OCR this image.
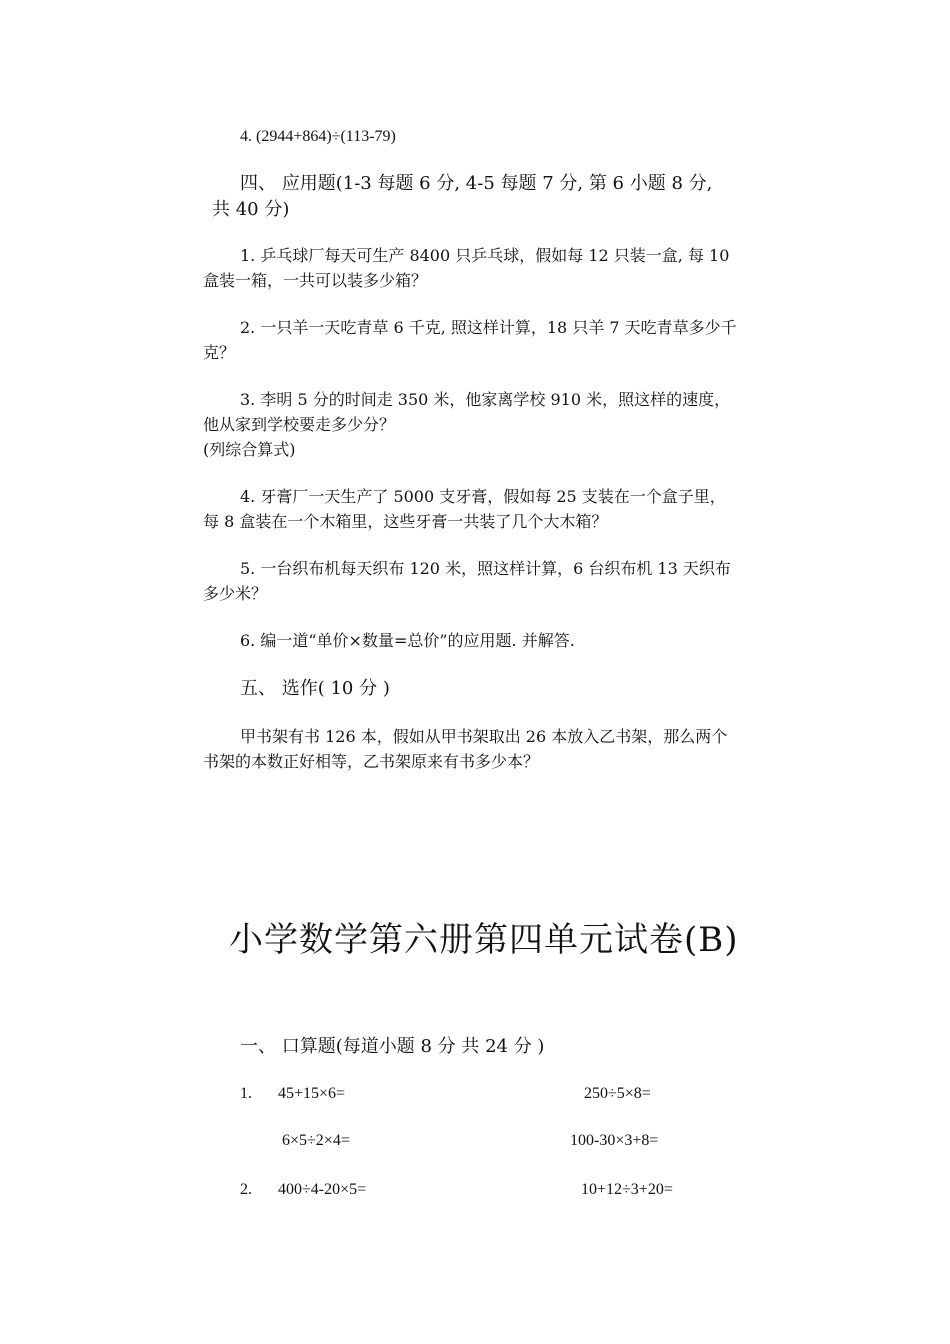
4. (2944+864)÷(113-79)
四、 应用题(1-3 每题 6 分, 4-5 每题 7 分, 第 6 小题 8 分,
共 40 分)
1. 乒乓球厂每天可生产 8400 只乒乓球，假如每 12 只装一盒, 每 10
盒装一箱，一共可以装多少箱？
2. 一只羊一天吃青草 6 千克, 照这样计算，18 只羊 7 天吃青草多少千
克？
3. 李明 5 分的时间走 350 米，他家离学校 910 米，照这样的速度，
他从家到学校要走多少分？
(列综合算式)
4. 牙膏厂一天生产了 5000 支牙膏，假如每 25 支装在一个盒子里，
每 8 盒装在一个木箱里，这些牙膏一共装了几个大木箱？
5. 一台织布机每天织布 120 米，照这样计算，6 台织布机 13 天织布
多少米？
6. 编一道“单价×数量=总价”的应用题. 并解答.
五、 选作( 10 分 )
甲书架有书 126 本，假如从甲书架取出 26 本放入乙书架，那么两个
书架的本数正好相等，乙书架原来有书多少本？
小学数学第六册第四单元试卷(B)
一、 口算题(每道小题 8 分 共 24 分 )
1. 45+15×6=	250÷5×8=
6×5÷2×4=	100-30×3+8=
2. 400÷4-20×5=	10+12÷3+20=
